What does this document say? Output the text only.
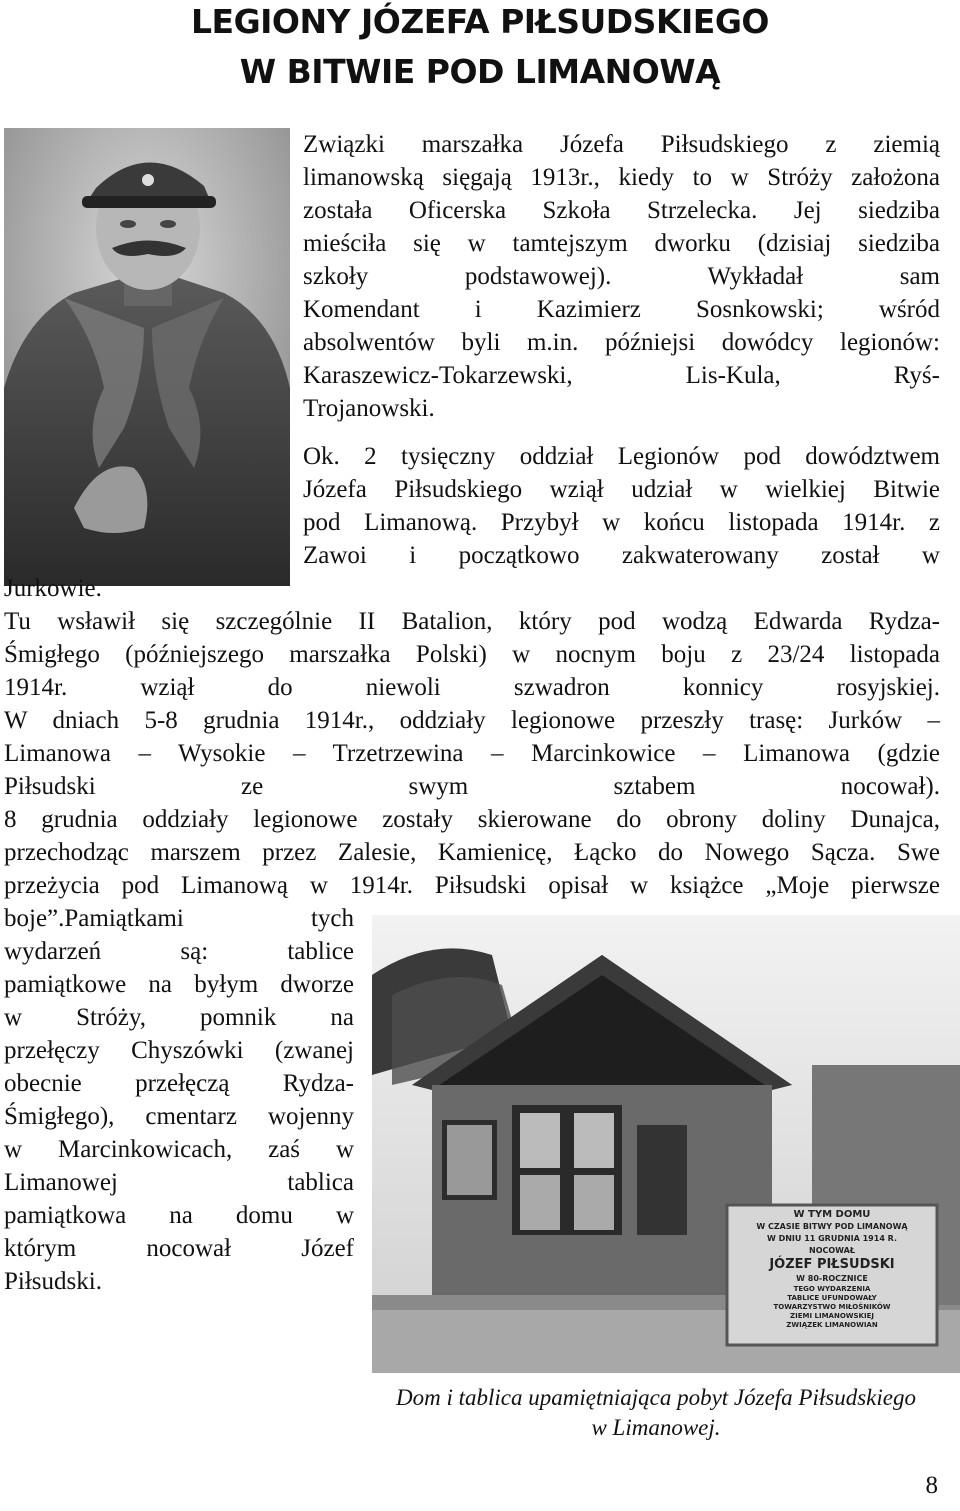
LEGIONY JÓZEFA PIŁSUDSKIEGO
W BITWIE POD LIMANOWĄ
Związki marszałka Józefa Piłsudskiego z ziemią
limanowską sięgają 1913r., kiedy to w Stróży założona
została Oficerska Szkoła Strzelecka. Jej siedziba
mieściła się w tamtejszym dworku (dzisiaj siedziba
szkoły podstawowej). Wykładał sam
Komendant i Kazimierz Sosnkowski; wśród
absolwentów byli m.in. późniejsi dowódcy legionów:
Karaszewicz-Tokarzewski, Lis-Kula, Ryś-
Trojanowski.
Ok. 2 tysięczny oddział Legionów pod dowództwem
Józefa Piłsudskiego wziął udział w wielkiej Bitwie
pod Limanową. Przybył w końcu listopada 1914r. z
Zawoi i początkowo zakwaterowany został w
Jurkowie.
Tu wsławił się szczególnie II Batalion, który pod wodzą Edwarda Rydza-
Śmigłego (późniejszego marszałka Polski) w nocnym boju z 23/24 listopada
1914r. wziął do niewoli szwadron konnicy rosyjskiej.
W dniach 5-8 grudnia 1914r., oddziały legionowe przeszły trasę: Jurków –
Limanowa – Wysokie – Trzetrzewina – Marcinkowice – Limanowa (gdzie
Piłsudski ze swym sztabem nocował).
8 grudnia oddziały legionowe zostały skierowane do obrony doliny Dunajca,
przechodząc marszem przez Zalesie, Kamienicę, Łącko do Nowego Sącza. Swe
przeżycia pod Limanową w 1914r. Piłsudski opisał w książce „Moje pierwsze
boje”.Pamiątkami tych
wydarzeń są: tablice
pamiątkowe na byłym dworze
w Stróży, pomnik na
przełęczy Chyszówki (zwanej
obecnie przełęczą Rydza-
Śmigłego), cmentarz wojenny
w Marcinkowicach, zaś w
Limanowej tablica
pamiątkowa na domu w
którym nocował Józef
Piłsudski.
W TYM DOMU
W CZASIE BITWY POD LIMANOWĄ
W DNIU 11 GRUDNIA 1914 R.
NOCOWAŁ
JÓZEF PIŁSUDSKI
W 80-ROCZNICE
TEGO WYDARZENIA
TABLICE UFUNDOWAŁY
TOWARZYSTWO MIŁOŚNIKÓW
ZIEMI LIMANOWSKIEJ
ZWIĄZEK LIMANOWIAN
Dom i tablica upamiętniająca pobyt Józefa Piłsudskiego
w Limanowej.
8
